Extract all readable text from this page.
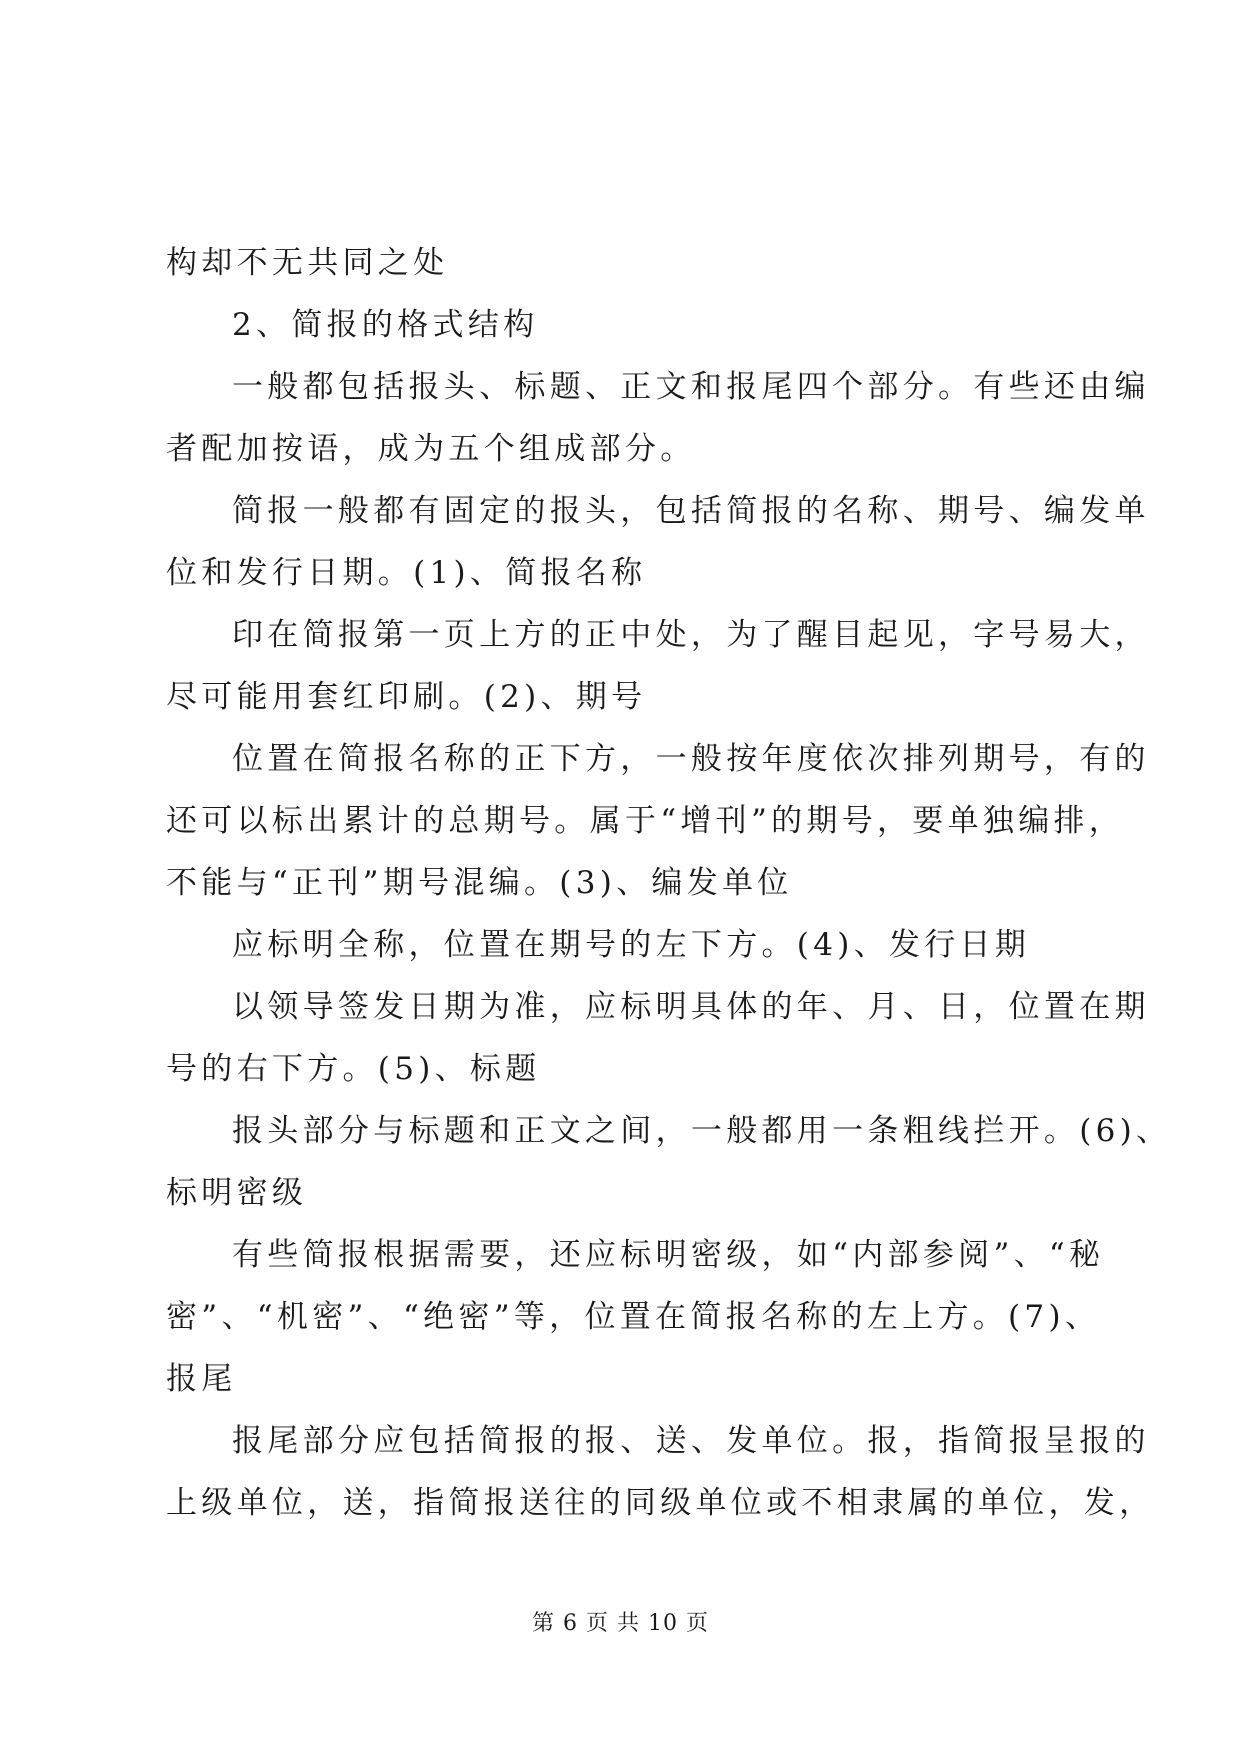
构却不无共同之处
2、简报的格式结构
一般都包括报头、标题、正文和报尾四个部分。有些还由编
者配加按语，成为五个组成部分。
简报一般都有固定的报头，包括简报的名称、期号、编发单
位和发行日期。(1)、简报名称
印在简报第一页上方的正中处，为了醒目起见，字号易大，
尽可能用套红印刷。(2)、期号
位置在简报名称的正下方，一般按年度依次排列期号，有的
还可以标出累计的总期号。属于“增刊”的期号，要单独编排，
不能与“正刊”期号混编。(3)、编发单位
应标明全称，位置在期号的左下方。(4)、发行日期
以领导签发日期为准，应标明具体的年、月、日，位置在期
号的右下方。(5)、标题
报头部分与标题和正文之间，一般都用一条粗线拦开。(6)、
标明密级
有些简报根据需要，还应标明密级，如“内部参阅”、“秘
密”、“机密”、“绝密”等，位置在简报名称的左上方。(7)、
报尾
报尾部分应包括简报的报、送、发单位。报，指简报呈报的
上级单位，送，指简报送往的同级单位或不相隶属的单位，发，
第 6 页 共 10 页
